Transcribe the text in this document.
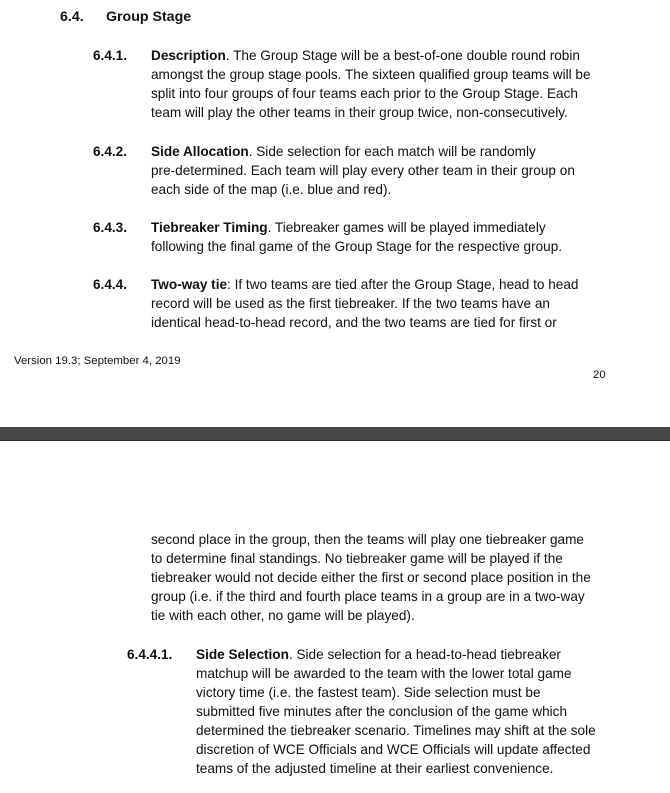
6.4. Group Stage
6.4.1. Description. The Group Stage will be a best-of-one double round robin
amongst the group stage pools. The sixteen qualified group teams will be
split into four groups of four teams each prior to the Group Stage. Each
team will play the other teams in their group twice, non-consecutively.
6.4.2. Side Allocation. Side selection for each match will be randomly
pre-determined. Each team will play every other team in their group on
each side of the map (i.e. blue and red).
6.4.3. Tiebreaker Timing. Tiebreaker games will be played immediately
following the final game of the Group Stage for the respective group.
6.4.4. Two-way tie: If two teams are tied after the Group Stage, head to head
record will be used as the first tiebreaker. If the two teams have an
identical head-to-head record, and the two teams are tied for first or
Version 19.3; September 4, 2019
20
second place in the group, then the teams will play one tiebreaker game
to determine final standings. No tiebreaker game will be played if the
tiebreaker would not decide either the first or second place position in the
group (i.e. if the third and fourth place teams in a group are in a two-way
tie with each other, no game will be played).
6.4.4.1. Side Selection. Side selection for a head-to-head tiebreaker
matchup will be awarded to the team with the lower total game
victory time (i.e. the fastest team). Side selection must be
submitted five minutes after the conclusion of the game which
determined the tiebreaker scenario. Timelines may shift at the sole
discretion of WCE Officials and WCE Officials will update affected
teams of the adjusted timeline at their earliest convenience.
